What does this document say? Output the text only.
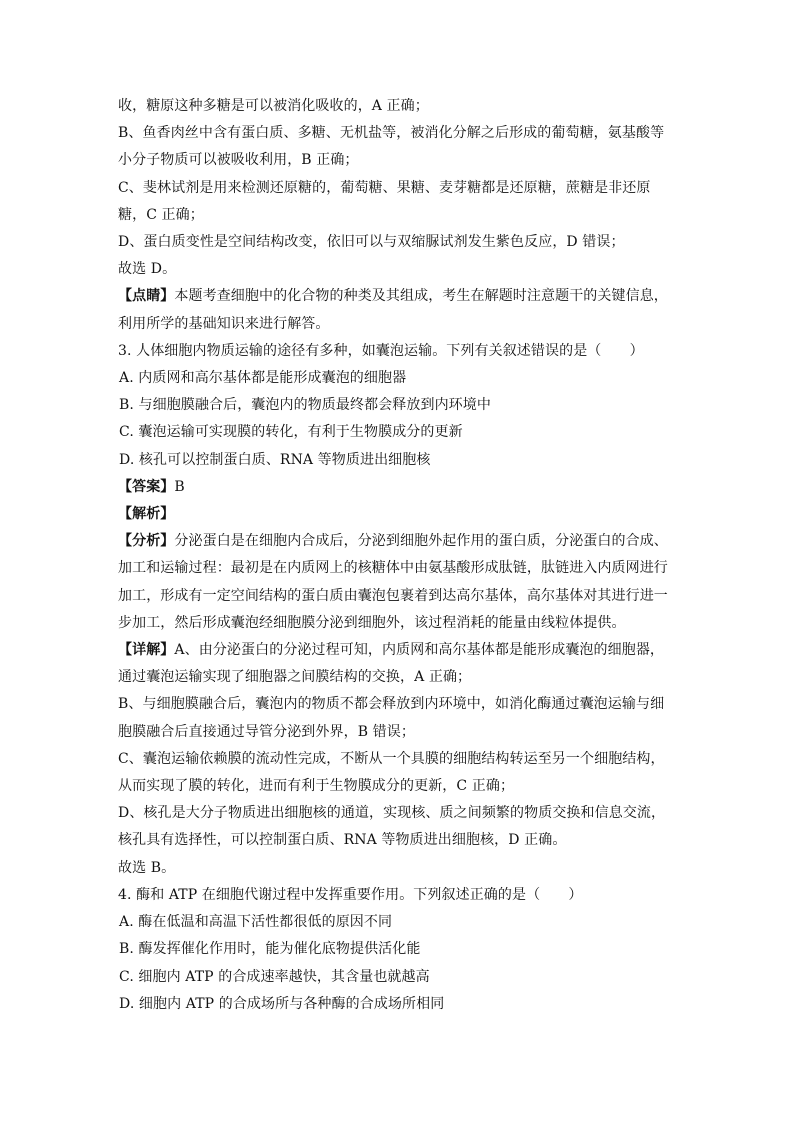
收，糖原这种多糖是可以被消化吸收的，A 正确；
B、鱼香肉丝中含有蛋白质、多糖、无机盐等，被消化分解之后形成的葡萄糖，氨基酸等
小分子物质可以被吸收利用，B 正确；
C、斐林试剂是用来检测还原糖的，葡萄糖、果糖、麦芽糖都是还原糖，蔗糖是非还原
糖，C 正确；
D、蛋白质变性是空间结构改变，依旧可以与双缩脲试剂发生紫色反应，D 错误；
故选 D。
【点睛】本题考查细胞中的化合物的种类及其组成，考生在解题时注意题干的关键信息，
利用所学的基础知识来进行解答。
3. 人体细胞内物质运输的途径有多种，如囊泡运输。下列有关叙述错误的是（　　）
A. 内质网和高尔基体都是能形成囊泡的细胞器
B. 与细胞膜融合后，囊泡内的物质最终都会释放到内环境中
C. 囊泡运输可实现膜的转化，有利于生物膜成分的更新
D. 核孔可以控制蛋白质、RNA 等物质进出细胞核
【答案】B
【解析】
【分析】分泌蛋白是在细胞内合成后，分泌到细胞外起作用的蛋白质，分泌蛋白的合成、
加工和运输过程：最初是在内质网上的核糖体中由氨基酸形成肽链，肽链进入内质网进行
加工，形成有一定空间结构的蛋白质由囊泡包裹着到达高尔基体，高尔基体对其进行进一
步加工，然后形成囊泡经细胞膜分泌到细胞外，该过程消耗的能量由线粒体提供。
【详解】A、由分泌蛋白的分泌过程可知，内质网和高尔基体都是能形成囊泡的细胞器，
通过囊泡运输实现了细胞器之间膜结构的交换，A 正确；
B、与细胞膜融合后，囊泡内的物质不都会释放到内环境中，如消化酶通过囊泡运输与细
胞膜融合后直接通过导管分泌到外界，B 错误；
C、囊泡运输依赖膜的流动性完成，不断从一个具膜的细胞结构转运至另一个细胞结构，
从而实现了膜的转化，进而有利于生物膜成分的更新，C 正确；
D、核孔是大分子物质进出细胞核的通道，实现核、质之间频繁的物质交换和信息交流，
核孔具有选择性，可以控制蛋白质、RNA 等物质进出细胞核，D 正确。
故选 B。
4. 酶和 ATP 在细胞代谢过程中发挥重要作用。下列叙述正确的是（　　）
A. 酶在低温和高温下活性都很低的原因不同
B. 酶发挥催化作用时，能为催化底物提供活化能
C. 细胞内 ATP 的合成速率越快，其含量也就越高
D. 细胞内 ATP 的合成场所与各种酶的合成场所相同
